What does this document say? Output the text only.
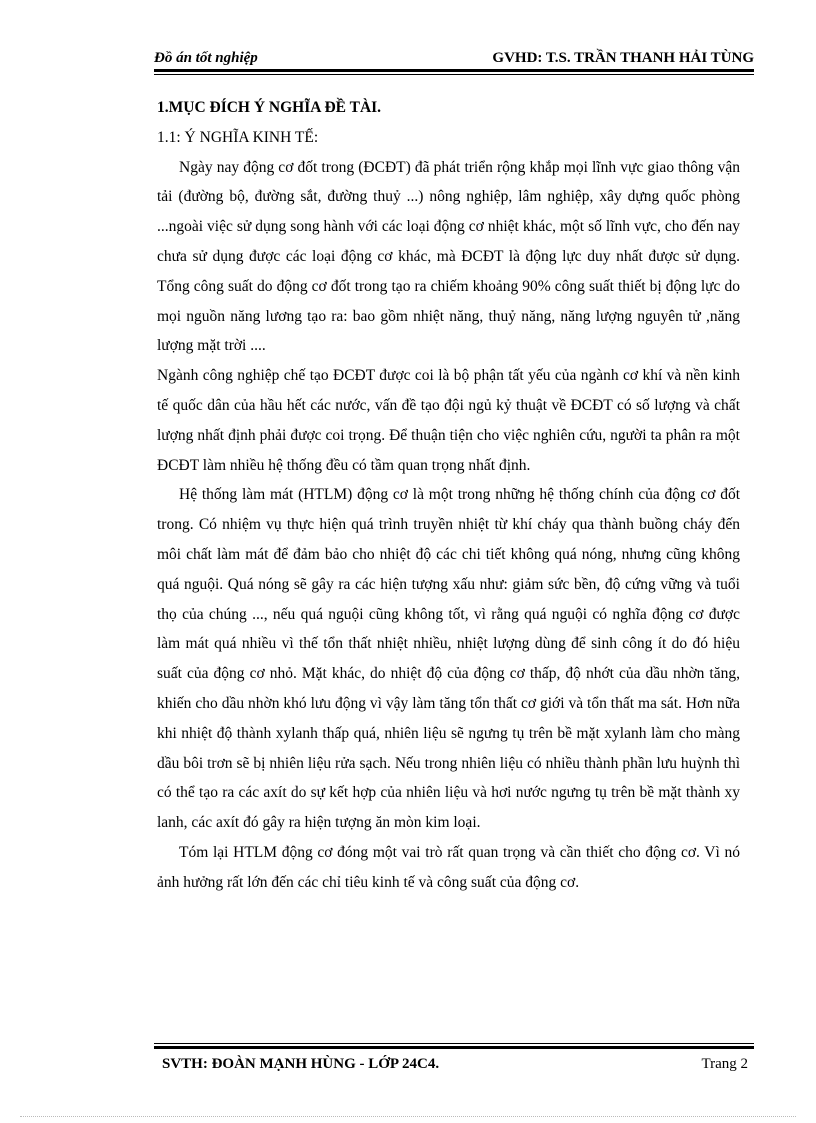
Đồ án tốt nghiệp	GVHD: T.S. TRẦN THANH HẢI TÙNG

1.MỤC ĐÍCH Ý NGHĨA ĐỀ TÀI.

1.1: Ý NGHĨA KINH TẾ:

Ngày nay động cơ đốt trong (ĐCĐT) đã phát triển rộng khắp mọi lĩnh vực giao thông vận tải (đường bộ, đường sắt, đường thuỷ ...) nông nghiệp, lâm nghiệp, xây dựng quốc phòng ...ngoài việc sử dụng song hành với các loại động cơ nhiệt khác, một số lĩnh vực, cho đến nay chưa sử dụng được các loại động cơ khác, mà ĐCĐT là động lực duy nhất được sử dụng. Tổng công suất do động cơ đốt trong tạo ra chiếm khoảng 90% công suất thiết bị động lực do mọi nguồn năng lương tạo ra: bao gồm nhiệt năng, thuỷ năng, năng lượng nguyên tử ,năng lượng mặt trời ....

Ngành công nghiệp chế tạo ĐCĐT được coi là bộ phận tất yếu của ngành cơ khí và nền kinh tế quốc dân của hầu hết các nước, vấn đề tạo đội ngủ kỷ thuật về ĐCĐT có số lượng và chất lượng nhất định phải được coi trọng. Để thuận tiện cho việc nghiên cứu, người ta phân ra một ĐCĐT làm nhiều hệ thống đều có tầm quan trọng nhất định.

Hệ thống làm mát (HTLM) động cơ là một trong những hệ thống chính của động cơ đốt trong. Có nhiệm vụ thực hiện quá trình truyền nhiệt từ khí cháy qua thành buồng cháy đến môi chất làm mát để đảm bảo cho nhiệt độ các chi tiết không quá nóng, nhưng cũng không quá nguội. Quá nóng sẽ gây ra các hiện tượng xấu như: giảm sức bền, độ cứng vững và tuổi thọ của chúng ..., nếu quá nguội cũng không tốt, vì rằng quá nguội có nghĩa động cơ được làm mát quá nhiều vì thế tổn thất nhiệt nhiều, nhiệt lượng dùng để sinh công ít do đó hiệu suất của động cơ nhỏ. Mặt khác, do nhiệt độ của động cơ thấp, độ nhớt của dầu nhờn tăng, khiến cho dầu nhờn khó lưu động vì vậy làm tăng tổn thất cơ giới và tổn thất ma sát. Hơn nữa khi nhiệt độ thành xylanh thấp quá, nhiên liệu sẽ ngưng tụ trên bề mặt xylanh làm cho màng dầu bôi trơn sẽ bị nhiên liệu rửa sạch. Nếu trong nhiên liệu có nhiều thành phần lưu huỳnh thì có thể tạo ra các axít do sự kết hợp của nhiên liệu và hơi nước ngưng tụ trên bề mặt thành xy lanh, các axít đó gây ra hiện tượng ăn mòn kim loại.

Tóm lại HTLM động cơ đóng một vai trò rất quan trọng và cần thiết cho động cơ. Vì nó ảnh hưởng rất lớn đến các chỉ tiêu kinh tế và công suất của động cơ.

SVTH: ĐOÀN MẠNH HÙNG - LỚP 24C4.	Trang 2
